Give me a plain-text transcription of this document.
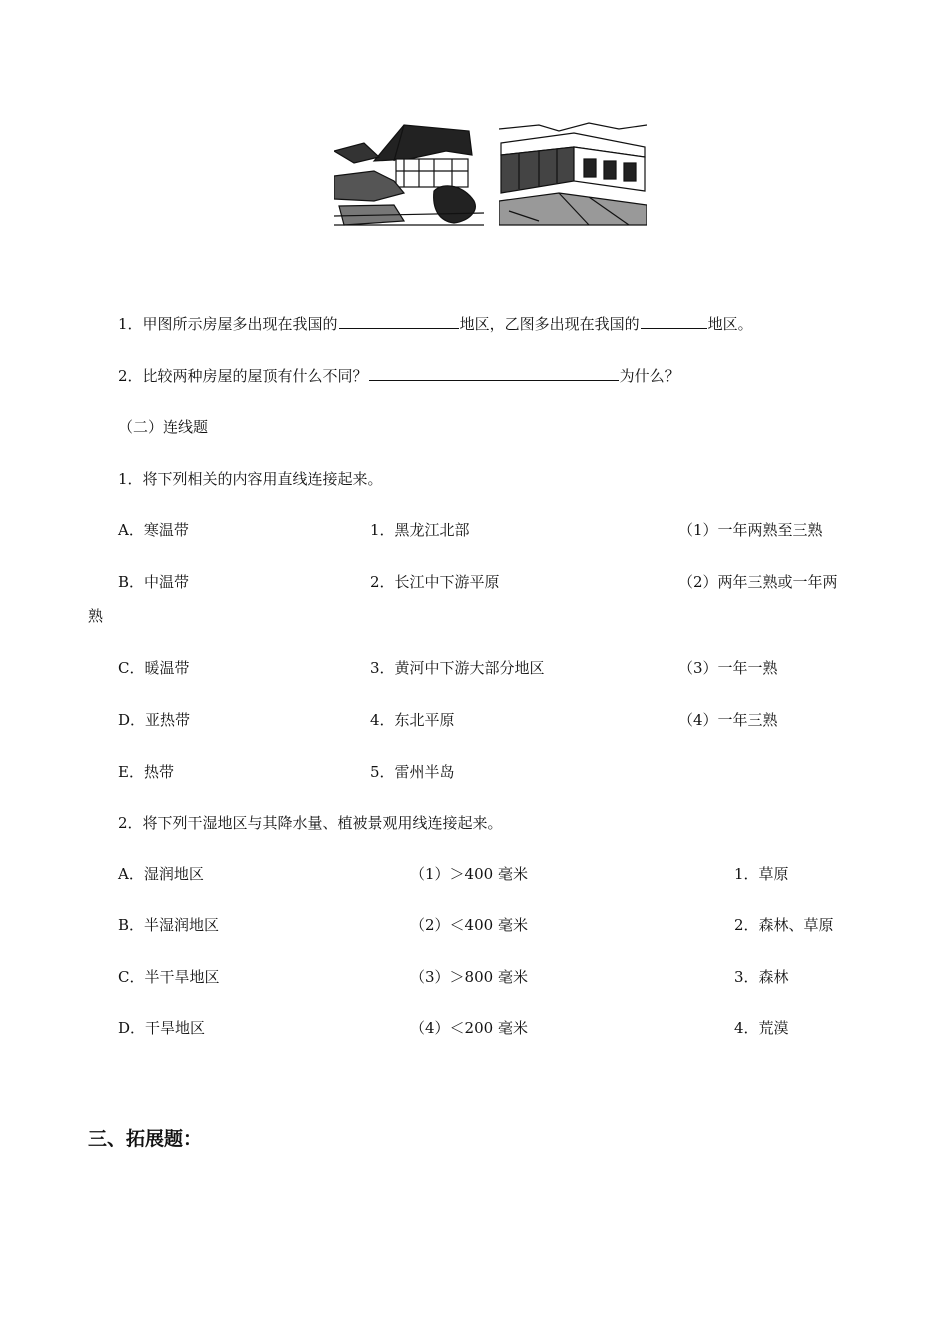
1．甲图所示房屋多出现在我国的	地区，乙图多出现在我国的	地区。
2．比较两种房屋的屋顶有什么不同？	为什么？
（二）连线题
1．将下列相关的内容用直线连接起来。
A．寒温带	1．黑龙江北部	（1）一年两熟至三熟
B．中温带	2．长江中下游平原	（2）两年三熟或一年两
熟
C．暖温带	3．黄河中下游大部分地区	（3）一年一熟
D．亚热带	4．东北平原	（4）一年三熟
E．热带	5．雷州半岛
2．将下列干湿地区与其降水量、植被景观用线连接起来。
A．湿润地区	（1）＞400 毫米	1．草原
B．半湿润地区	（2）＜400 毫米	2．森林、草原
C．半干旱地区	（3）＞800 毫米	3．森林
D．干旱地区	（4）＜200 毫米	4．荒漠
三、拓展题：
